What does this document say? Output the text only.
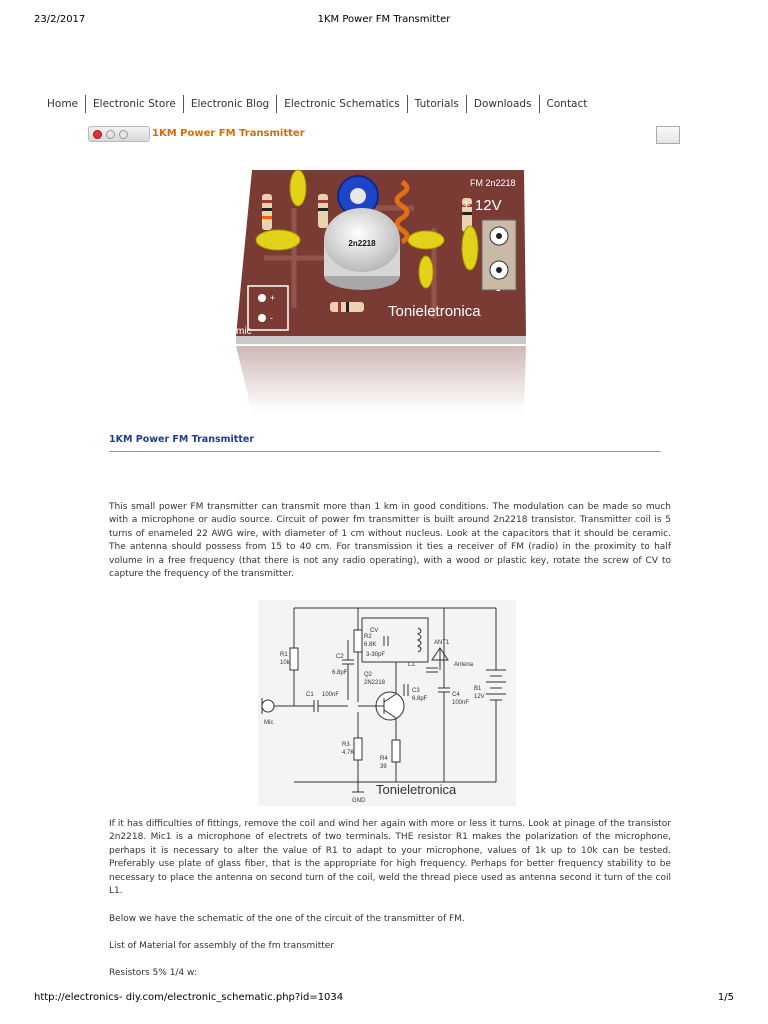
23/2/2017	1KM Power FM Transmitter
Home	Electronic Store	Electronic Blog	Electronic Schematics	Tutorials	Downloads	Contact
1KM Power FM Transmitter
2n2218
FM 2n2218
+ 12V
-
Tonieletronica
+
-
mic
1KM Power FM Transmitter

This small power FM transmitter can transmit more than 1 km in good conditions. The modulation can be made so much with a microphone or audio source. Circuit of power fm transmitter is built around 2n2218 transistor. Transmitter coil is 5 turns of enameled 22 AWG wire, with diameter of 1 cm without nucleus. Look at the capacitors that it should be ceramic. The antenna should possess from 15 to 40 cm. For transmission it ties a receiver of FM (radio) in the proximity to half volume in a free frequency (that there is not any radio operating), with a wood or plastic key, rotate the screw of CV to capture the frequency of the transmitter.

R1
10k
R2
6.8K
R3
4.7K
R4
39
C1 100nF
C2
6.8pF
C3
6.8pF
C4
100nF
CV
3-30pF
L1
ANT1
Antena
Q2
2N2218
Mic
B1
12V
GND
Tonieletronica

If it has difficulties of fittings, remove the coil and wind her again with more or less it turns. Look at pinage of the transistor 2n2218. Mic1 is a microphone of electrets of two terminals. THE resistor R1 makes the polarization of the microphone, perhaps it is necessary to alter the value of R1 to adapt to your microphone, values of 1k up to 10k can be tested. Preferably use plate of glass fiber, that is the appropriate for high frequency. Perhaps for better frequency stability to be necessary to place the antenna on second turn of the coil, weld the thread piece used as antenna second it turn of the coil L1.

Below we have the schematic of the one of the circuit of the transmitter of FM.

List of Material for assembly of the fm transmitter

Resistors 5% 1/4 w:

http://electronics- diy.com/electronic_schematic.php?id=1034	1/5
